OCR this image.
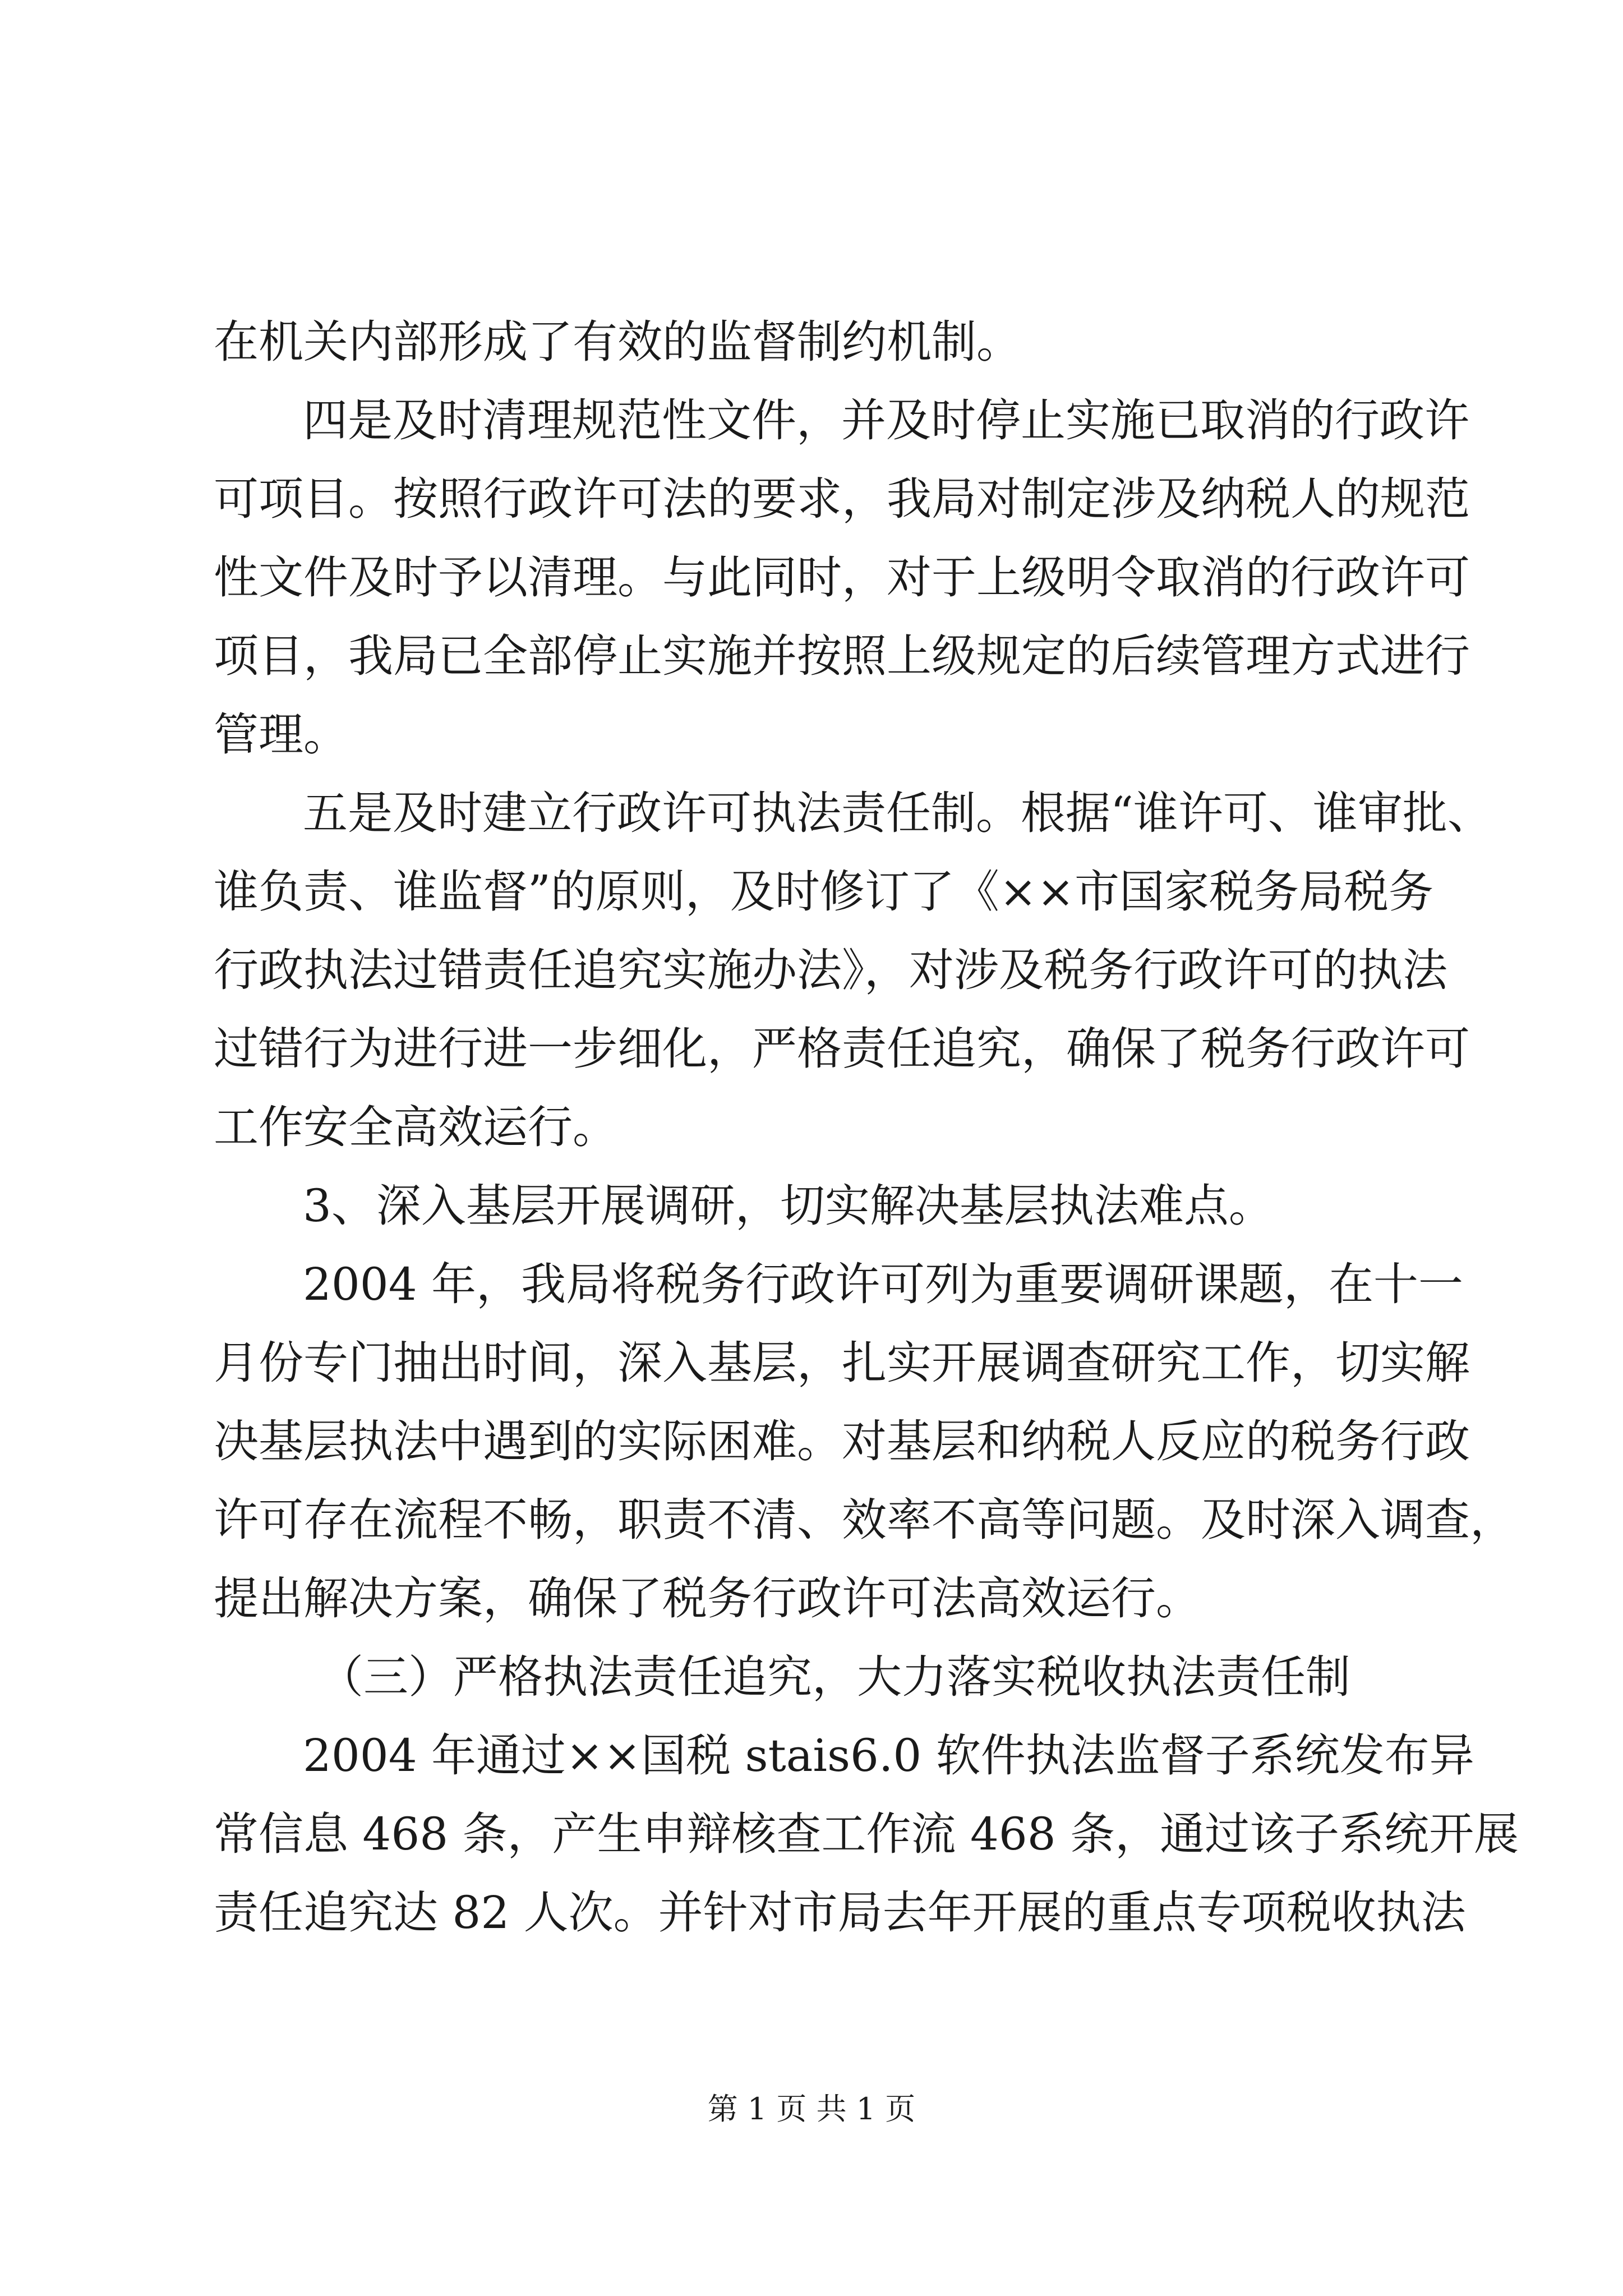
在机关内部形成了有效的监督制约机制。
四是及时清理规范性文件，并及时停止实施已取消的行政许
可项目。按照行政许可法的要求，我局对制定涉及纳税人的规范
性文件及时予以清理。与此同时，对于上级明令取消的行政许可
项目，我局已全部停止实施并按照上级规定的后续管理方式进行
管理。
五是及时建立行政许可执法责任制。根据“谁许可、谁审批、
谁负责、谁监督”的原则，及时修订了《××市国家税务局税务
行政执法过错责任追究实施办法》，对涉及税务行政许可的执法
过错行为进行进一步细化，严格责任追究，确保了税务行政许可
工作安全高效运行。
3、深入基层开展调研，切实解决基层执法难点。
2004 年，我局将税务行政许可列为重要调研课题，在十一
月份专门抽出时间，深入基层，扎实开展调查研究工作，切实解
决基层执法中遇到的实际困难。对基层和纳税人反应的税务行政
许可存在流程不畅，职责不清、效率不高等问题。及时深入调查，
提出解决方案，确保了税务行政许可法高效运行。
（三）严格执法责任追究，大力落实税收执法责任制
2004 年通过××国税 stais6.0 软件执法监督子系统发布异
常信息 468 条，产生申辩核查工作流 468 条，通过该子系统开展
责任追究达 82 人次。并针对市局去年开展的重点专项税收执法
第 1 页 共 1 页
